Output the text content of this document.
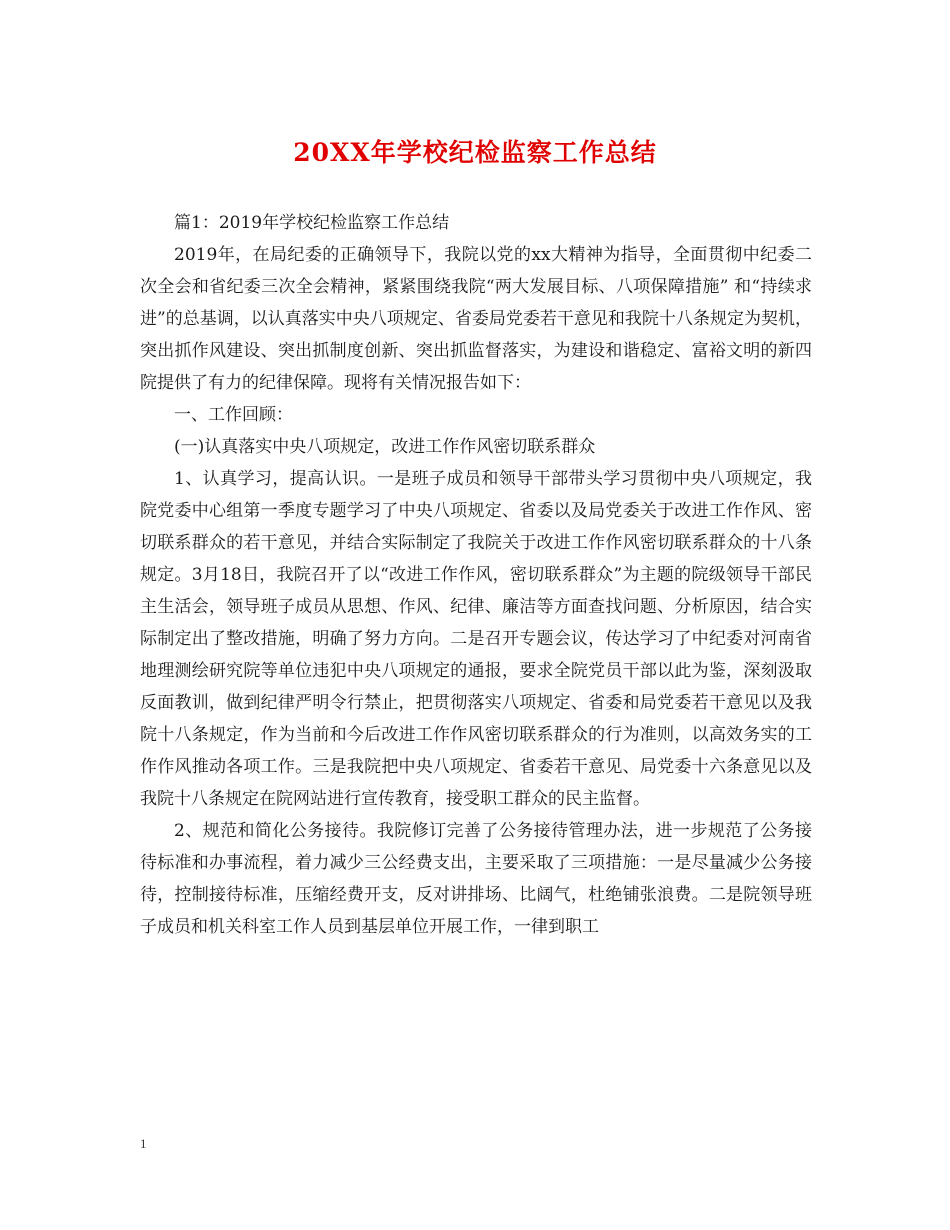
20XX年学校纪检监察工作总结

篇1：2019年学校纪检监察工作总结

2019年，在局纪委的正确领导下，我院以党的xx大精神为指导，全面贯彻中纪委二次全会和省纪委三次全会精神，紧紧围绕我院“两大发展目标、八项保障措施” 和“持续求进”的总基调，以认真落实中央八项规定、省委局党委若干意见和我院十八条规定为契机，突出抓作风建设、突出抓制度创新、突出抓监督落实，为建设和谐稳定、富裕文明的新四院提供了有力的纪律保障。现将有关情况报告如下：

一、工作回顾：

(一)认真落实中央八项规定，改进工作作风密切联系群众

1、认真学习，提高认识。一是班子成员和领导干部带头学习贯彻中央八项规定，我院党委中心组第一季度专题学习了中央八项规定、省委以及局党委关于改进工作作风、密切联系群众的若干意见，并结合实际制定了我院关于改进工作作风密切联系群众的十八条规定。3月18日，我院召开了以“改进工作作风，密切联系群众”为主题的院级领导干部民主生活会，领导班子成员从思想、作风、纪律、廉洁等方面查找问题、分析原因，结合实际制定出了整改措施，明确了努力方向。二是召开专题会议，传达学习了中纪委对河南省地理测绘研究院等单位违犯中央八项规定的通报，要求全院党员干部以此为鉴，深刻汲取反面教训，做到纪律严明令行禁止，把贯彻落实八项规定、省委和局党委若干意见以及我院十八条规定，作为当前和今后改进工作作风密切联系群众的行为准则，以高效务实的工作作风推动各项工作。三是我院把中央八项规定、省委若干意见、局党委十六条意见以及我院十八条规定在院网站进行宣传教育，接受职工群众的民主监督。

2、规范和简化公务接待。我院修订完善了公务接待管理办法，进一步规范了公务接待标准和办事流程，着力减少三公经费支出，主要采取了三项措施：一是尽量减少公务接待，控制接待标准，压缩经费开支，反对讲排场、比阔气，杜绝铺张浪费。二是院领导班子成员和机关科室工作人员到基层单位开展工作，一律到职工

1
